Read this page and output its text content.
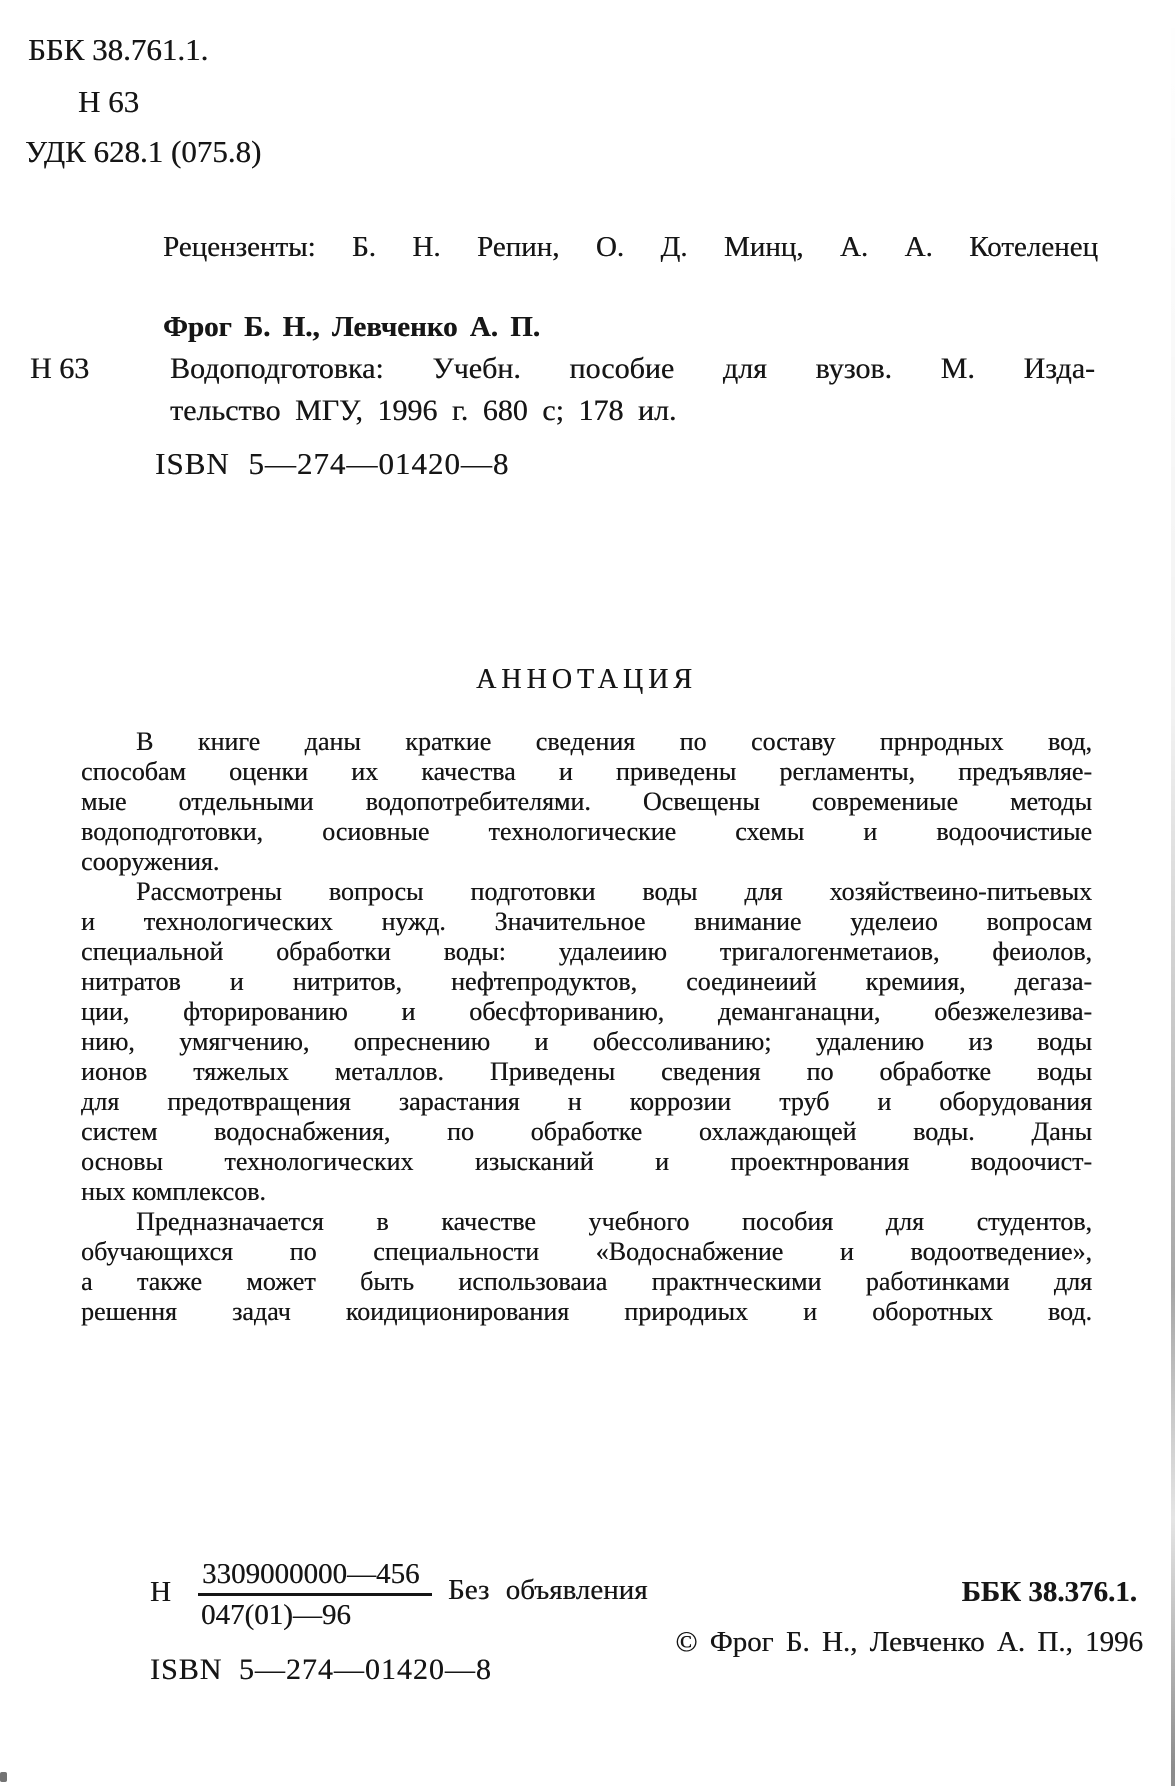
ББК 38.761.1.
Н 63
УДК 628.1 (075.8)
Рецензенты: Б. Н. Репин, О. Д. Минц, А. А. Котеленец
Фрог Б. Н., Левченко А. П.
Н 63	Водоподготовка: Учебн. пособие для вузов. М. Изда-
тельство МГУ, 1996 г. 680 с; 178 ил.
ISBN 5—274—01420—8
АННОТАЦИЯ
В книге даны краткие сведения по составу прнродных вод,
способам оценки их качества и приведены регламенты, предъявляе-
мые отдельными водопотребителями. Освещены современиые методы
водоподготовки, осиовные технологические схемы и водоочистиые
сооружения.
Рассмотрены вопросы подготовки воды для хозяйствеино-питьевых
и технологических нужд. Значительное внимание уделеио вопросам
специальной обработки воды: удалеиию тригалогенметаиов, феиолов,
нитратов и нитритов, нефтепродуктов, соединеиий кремиия, дегаза-
ции, фторированию и обесфториванию, деманганацни, обезжелезива-
нию, умягчению, опреснению и обессоливанию; удалению из воды
ионов тяжелых металлов. Приведены сведения по обработке воды
для предотвращения зарастания н коррозии труб и оборудования
систем водоснабжения, по обработке охлаждающей воды. Даны
основы технологических изысканий и проектнрования водоочист-
ных комплексов.
Предназначается в качестве учебного пособия для студентов,
обучающихся по специальности «Водоснабжение и водоотведение»,
а также может быть использоваиа практнческими работинками для
решення задач коидиционирования природиых и оборотных вод.
Н $\frac{3309000000—456}{047(01)—96}$ Без объявления	ББК 38.376.1.
© Фрог Б. Н., Левченко А. П., 1996
ISBN 5—274—01420—8
